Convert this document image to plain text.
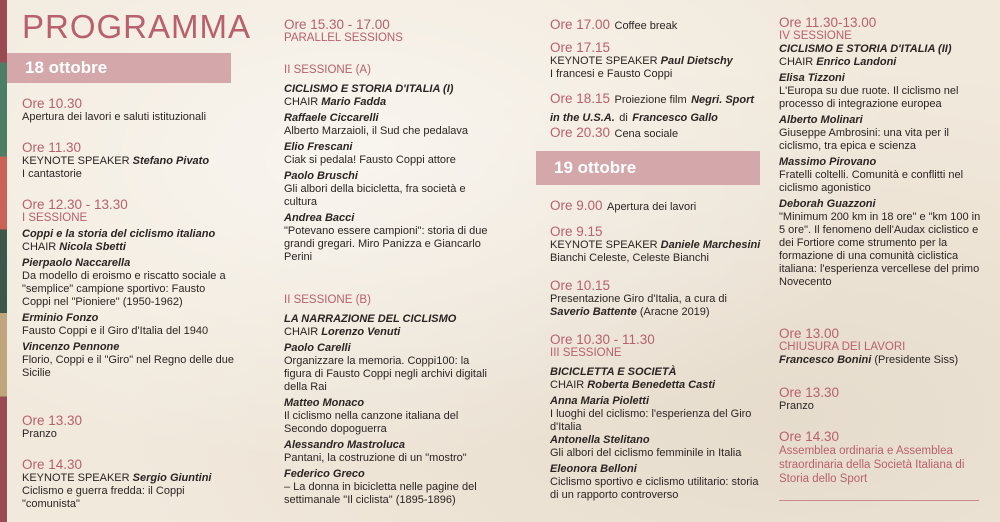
PROGRAMMA
18 ottobre
Ore 10.30
Apertura dei lavori e saluti istituzionali
Ore 11.30
KEYNOTE SPEAKER Stefano Pivato
I cantastorie
Ore 12.30 - 13.30
I SESSIONE
Coppi e la storia del ciclismo italiano
CHAIR Nicola Sbetti
Pierpaolo Naccarella
Da modello di eroismo e riscatto sociale a "semplice" campione sportivo: Fausto Coppi nel "Pioniere" (1950-1962)
Erminio Fonzo
Fausto Coppi e il Giro d'Italia del 1940
Vincenzo Pennone
Florio, Coppi e il "Giro" nel Regno delle due Sicilie
Ore 13.30
Pranzo
Ore 14.30
KEYNOTE SPEAKER Sergio Giuntini
Ciclismo e guerra fredda: il Coppi "comunista"
Ore 15.30 - 17.00
PARALLEL SESSIONS
II SESSIONE (A)
CICLISMO E STORIA D'ITALIA (I)
CHAIR Mario Fadda
Raffaele Ciccarelli
Alberto Marzaioli, il Sud che pedalava
Elio Frescani
Ciak si pedala! Fausto Coppi attore
Paolo Bruschi
Gli albori della bicicletta, fra società e cultura
Andrea Bacci
"Potevano essere campioni": storia di due grandi gregari. Miro Panizza e Giancarlo Perini
II SESSIONE (B)
LA NARRAZIONE DEL CICLISMO
CHAIR Lorenzo Venuti
Paolo Carelli
Organizzare la memoria. Coppi100: la figura di Fausto Coppi negli archivi digitali della Rai
Matteo Monaco
Il ciclismo nella canzone italiana del Secondo dopoguerra
Alessandro Mastroluca
Pantani, la costruzione di un "mostro"
Federico Greco
– La donna in bicicletta nelle pagine del settimanale "Il ciclista" (1895-1896)
Ore 17.00 Coffee break
Ore 17.15
KEYNOTE SPEAKER Paul Dietschy
I francesi e Fausto Coppi
Ore 18.15 Proiezione film Negri. Sport in the U.S.A. di Francesco Gallo
Ore 20.30 Cena sociale
19 ottobre
Ore 9.00 Apertura dei lavori
Ore 9.15
KEYNOTE SPEAKER Daniele Marchesini
Bianchi Celeste, Celeste Bianchi
Ore 10.15
Presentazione Giro d'Italia, a cura di
Saverio Battente (Aracne 2019)
Ore 10.30 - 11.30
III SESSIONE
BICICLETTA E SOCIETÀ
CHAIR Roberta Benedetta Casti
Anna Maria Pioletti
I luoghi del ciclismo: l'esperienza del Giro d'Italia
Antonella Stelitano
Gli albori del ciclismo femminile in Italia
Eleonora Belloni
Ciclismo sportivo e ciclismo utilitario: storia di un rapporto controverso
Ore 11.30-13.00
IV SESSIONE
CICLISMO E STORIA D'ITALIA (II)
CHAIR Enrico Landoni
Elisa Tizzoni
L'Europa su due ruote. Il ciclismo nel processo di integrazione europea
Alberto Molinari
Giuseppe Ambrosini: una vita per il ciclismo, tra epica e scienza
Massimo Pirovano
Fratelli coltelli. Comunità e conflitti nel ciclismo agonistico
Deborah Guazzoni
"Minimum 200 km in 18 ore" e "km 100 in 5 ore". Il fenomeno dell'Audax ciclistico e dei Fortiore come strumento per la formazione di una comunità ciclistica italiana: l'esperienza vercellese del primo Novecento
Ore 13.00
CHIUSURA DEI LAVORI
Francesco Bonini (Presidente Siss)
Ore 13.30
Pranzo
Ore 14.30
Assemblea ordinaria e Assemblea straordinaria della Società Italiana di Storia dello Sport
